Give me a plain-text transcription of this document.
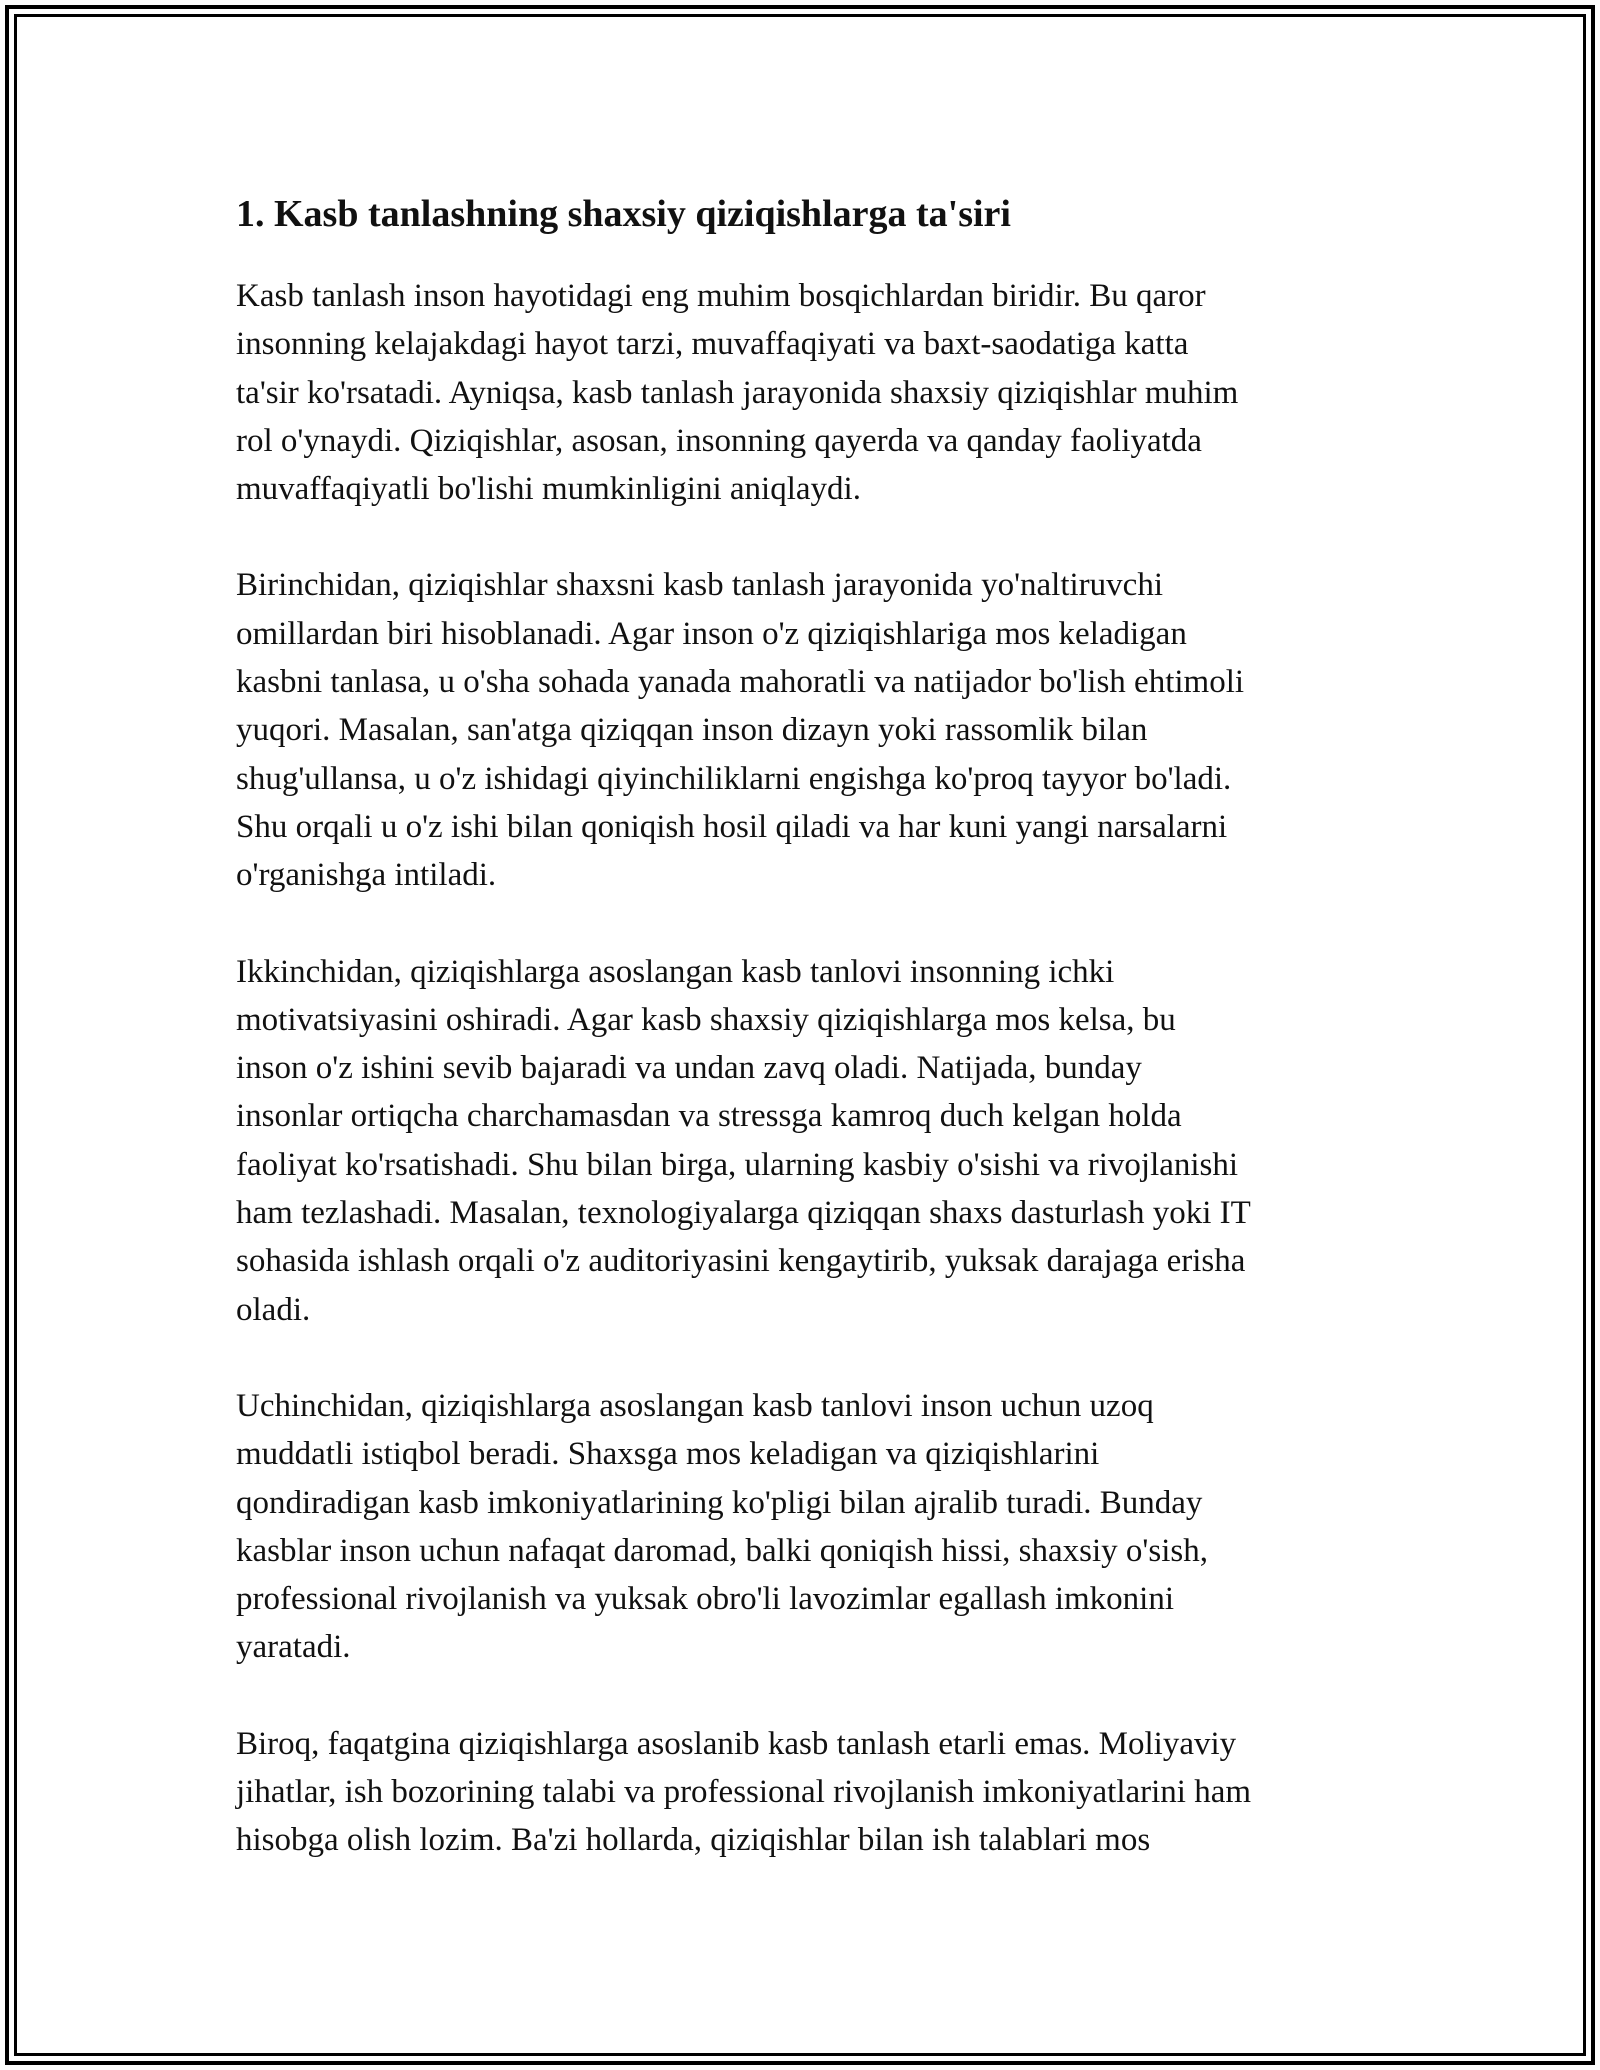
1. Kasb tanlashning shaxsiy qiziqishlarga ta'siri
Kasb tanlash inson hayotidagi eng muhim bosqichlardan biridir. Bu qaror
insonning kelajakdagi hayot tarzi, muvaffaqiyati va baxt-saodatiga katta
ta'sir ko'rsatadi. Ayniqsa, kasb tanlash jarayonida shaxsiy qiziqishlar muhim
rol o'ynaydi. Qiziqishlar, asosan, insonning qayerda va qanday faoliyatda
muvaffaqiyatli bo'lishi mumkinligini aniqlaydi.
Birinchidan, qiziqishlar shaxsni kasb tanlash jarayonida yo'naltiruvchi
omillardan biri hisoblanadi. Agar inson o'z qiziqishlariga mos keladigan
kasbni tanlasa, u o'sha sohada yanada mahoratli va natijador bo'lish ehtimoli
yuqori. Masalan, san'atga qiziqqan inson dizayn yoki rassomlik bilan
shug'ullansa, u o'z ishidagi qiyinchiliklarni engishga ko'proq tayyor bo'ladi.
Shu orqali u o'z ishi bilan qoniqish hosil qiladi va har kuni yangi narsalarni
o'rganishga intiladi.
Ikkinchidan, qiziqishlarga asoslangan kasb tanlovi insonning ichki
motivatsiyasini oshiradi. Agar kasb shaxsiy qiziqishlarga mos kelsa, bu
inson o'z ishini sevib bajaradi va undan zavq oladi. Natijada, bunday
insonlar ortiqcha charchamasdan va stressga kamroq duch kelgan holda
faoliyat ko'rsatishadi. Shu bilan birga, ularning kasbiy o'sishi va rivojlanishi
ham tezlashadi. Masalan, texnologiyalarga qiziqqan shaxs dasturlash yoki IT
sohasida ishlash orqali o'z auditoriyasini kengaytirib, yuksak darajaga erisha
oladi.
Uchinchidan, qiziqishlarga asoslangan kasb tanlovi inson uchun uzoq
muddatli istiqbol beradi. Shaxsga mos keladigan va qiziqishlarini
qondiradigan kasb imkoniyatlarining ko'pligi bilan ajralib turadi. Bunday
kasblar inson uchun nafaqat daromad, balki qoniqish hissi, shaxsiy o'sish,
professional rivojlanish va yuksak obro'li lavozimlar egallash imkonini
yaratadi.
Biroq, faqatgina qiziqishlarga asoslanib kasb tanlash etarli emas. Moliyaviy
jihatlar, ish bozorining talabi va professional rivojlanish imkoniyatlarini ham
hisobga olish lozim. Ba'zi hollarda, qiziqishlar bilan ish talablari mos
